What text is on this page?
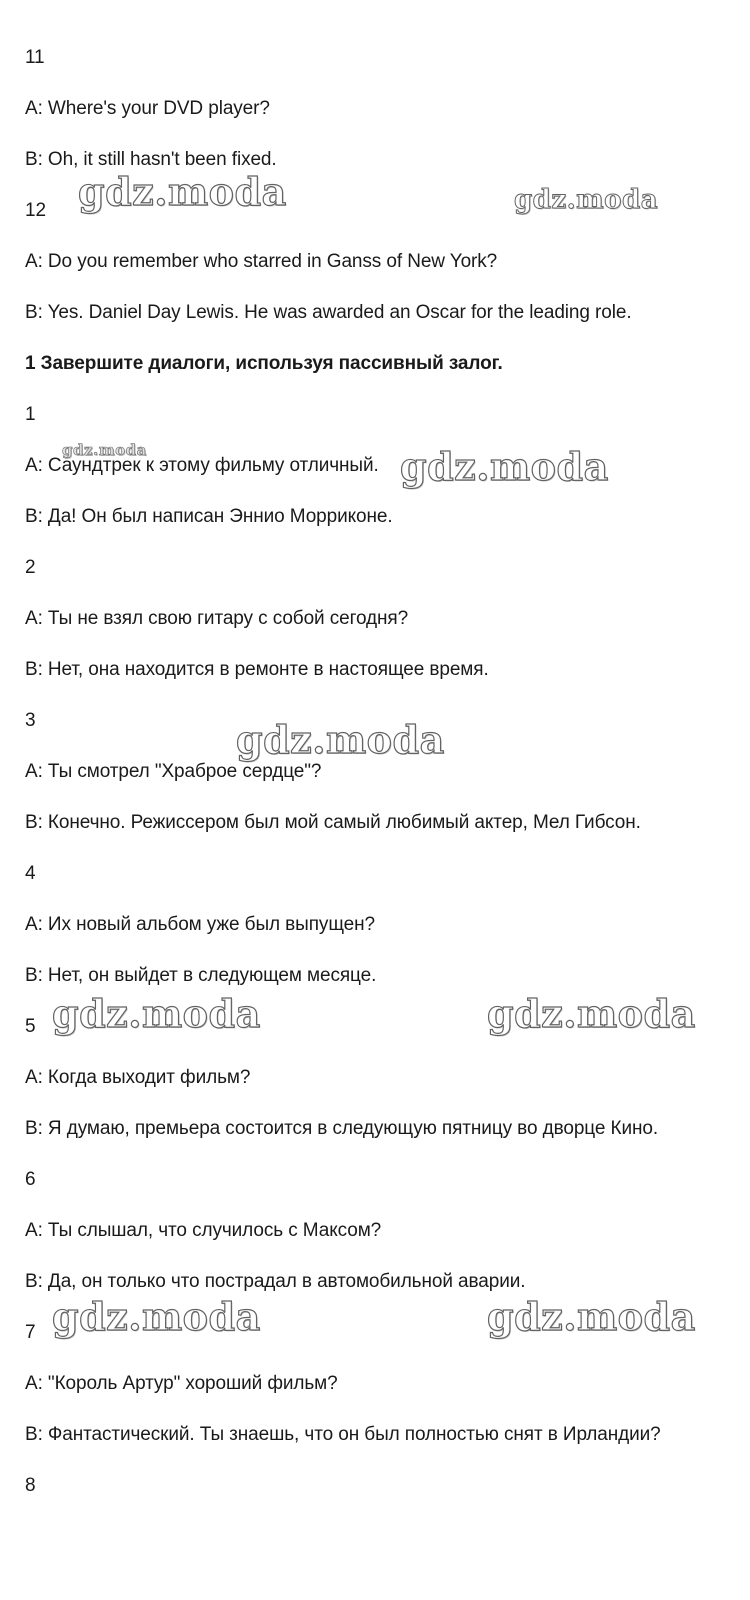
11
A: Where's your DVD player?
B: Oh, it still hasn't been fixed.
12
A: Do you remember who starred in Ganss of New York?
B: Yes. Daniel Day Lewis. He was awarded an Oscar for the leading role.
1 Завершите диалоги, используя пассивный залог.
1
A: Саундтрек к этому фильму отличный.
B: Да! Он был написан Эннио Морриконе.
2
A: Ты не взял свою гитару с собой сегодня?
B: Нет, она находится в ремонте в настоящее время.
3
A: Ты смотрел "Храброе сердце"?
B: Конечно. Режиссером был мой самый любимый актер, Мел Гибсон.
4
A: Их новый альбом уже был выпущен?
B: Нет, он выйдет в следующем месяце.
5
A: Когда выходит фильм?
B: Я думаю, премьера состоится в следующую пятницу во дворце Кино.
6
A: Ты слышал, что случилось с Максом?
B: Да, он только что пострадал в автомобильной аварии.
7
A: "Король Артур" хороший фильм?
B: Фантастический. Ты знаешь, что он был полностью снят в Ирландии?
8
gdz.moda	gdz.moda
gdz.moda	gdz.moda
gdz.moda
gdz.moda	gdz.moda
gdz.moda	gdz.moda
